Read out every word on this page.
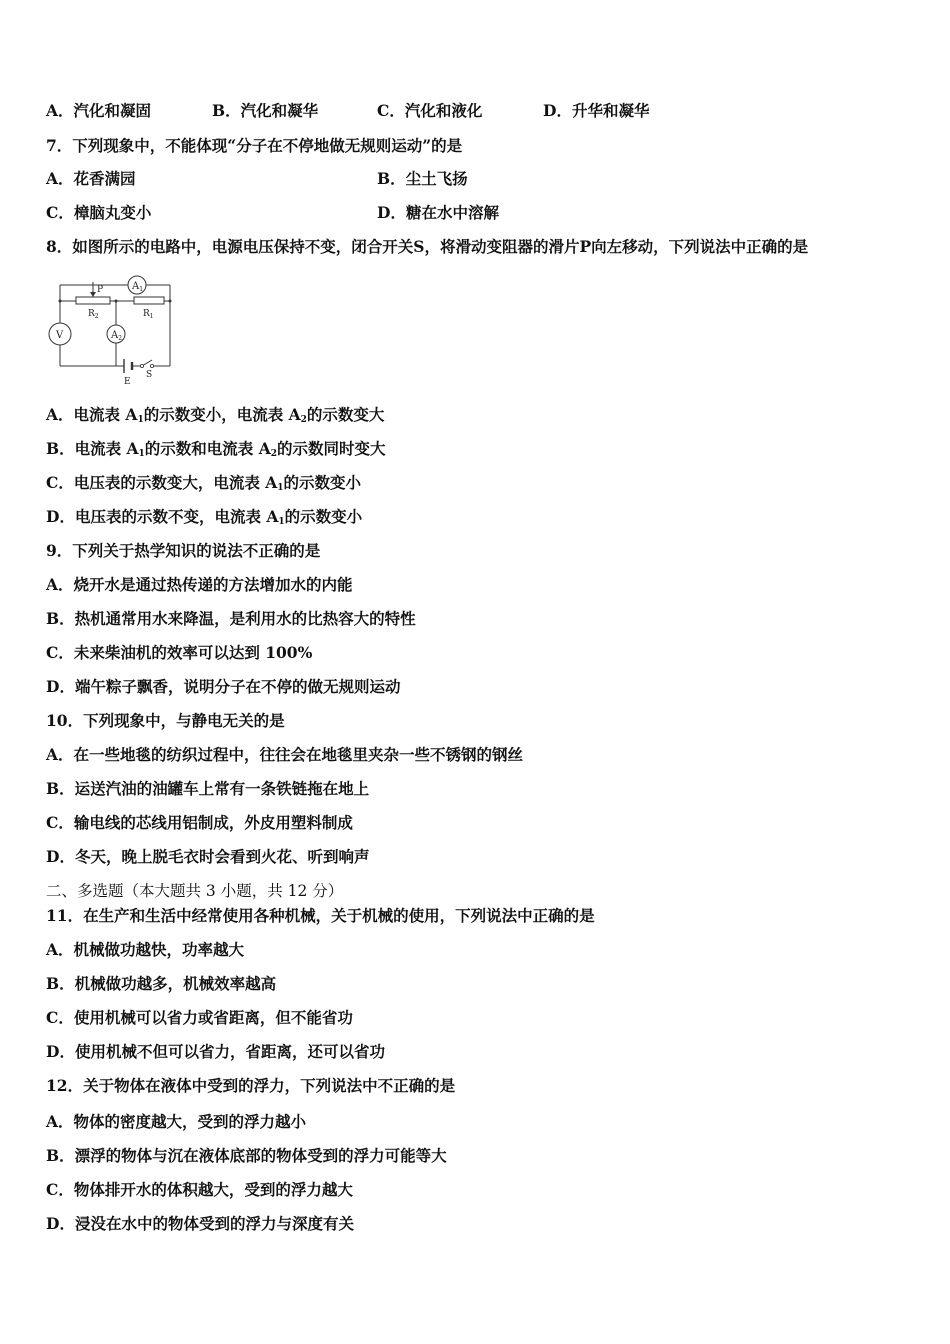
A．汽化和凝固	B．汽化和凝华	C．汽化和液化	D．升华和凝华
7．下列现象中，不能体现“分子在不停地做无规则运动”的是
A．花香满园	B．尘土飞扬
C．樟脑丸变小	D．糖在水中溶解
8．如图所示的电路中，电源电压保持不变，闭合开关S，将滑动变阻器的滑片P向左移动，下列说法中正确的是
$A_1$
$A_2$
V
P
$R_2$	$R_1$
E
S
A．电流表 $A_1$的示数变小，电流表 $A_2$的示数变大
B．电流表 $A_1$的示数和电流表 $A_2$的示数同时变大
C．电压表的示数变大，电流表 $A_1$的示数变小
D．电压表的示数不变，电流表 $A_1$的示数变小
9．下列关于热学知识的说法不正确的是
A．烧开水是通过热传递的方法增加水的内能
B．热机通常用水来降温，是利用水的比热容大的特性
C．未来柴油机的效率可以达到 100%
D．端午粽子飘香，说明分子在不停的做无规则运动
10．下列现象中，与静电无关的是
A．在一些地毯的纺织过程中，往往会在地毯里夹杂一些不锈钢的钢丝
B．运送汽油的油罐车上常有一条铁链拖在地上
C．输电线的芯线用铝制成，外皮用塑料制成
D．冬天，晚上脱毛衣时会看到火花、听到响声
二、多选题（本大题共 3 小题，共 12 分）
11．在生产和生活中经常使用各种机械，关于机械的使用，下列说法中正确的是
A．机械做功越快，功率越大
B．机械做功越多，机械效率越高
C．使用机械可以省力或省距离，但不能省功
D．使用机械不但可以省力，省距离，还可以省功
12．关于物体在液体中受到的浮力，下列说法中不正确的是
A．物体的密度越大，受到的浮力越小
B．漂浮的物体与沉在液体底部的物体受到的浮力可能等大
C．物体排开水的体积越大，受到的浮力越大
D．浸没在水中的物体受到的浮力与深度有关
